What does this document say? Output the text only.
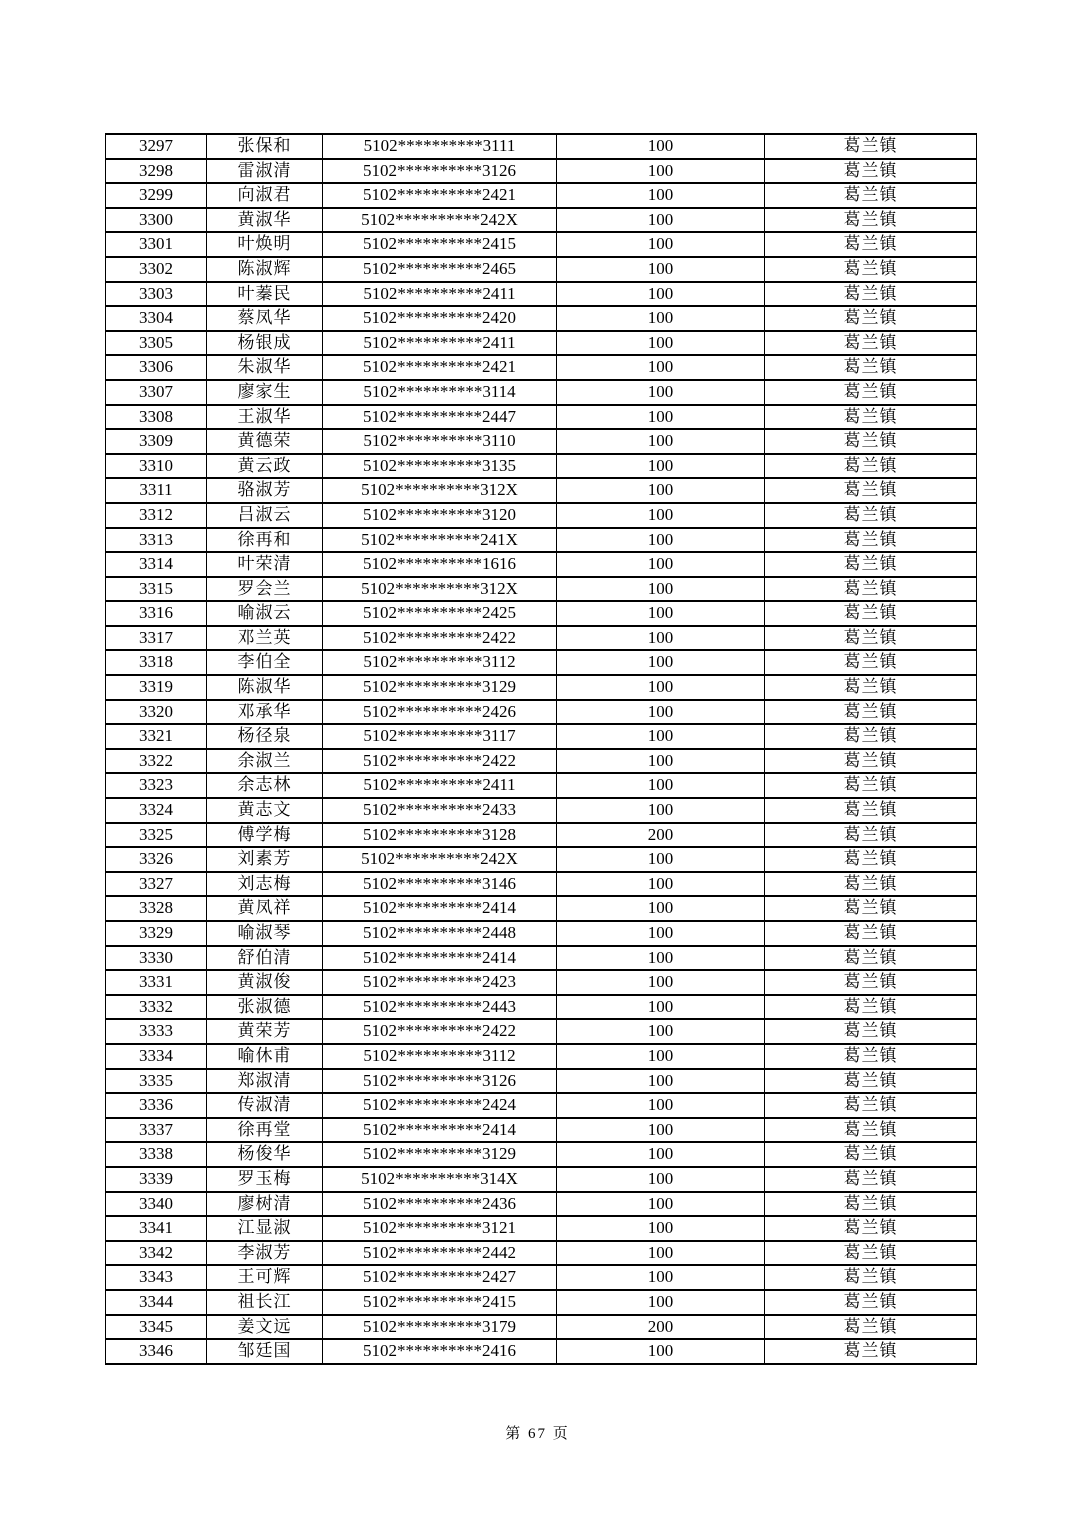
3297	张保和	5102**********3111	100	葛兰镇
3298	雷淑清	5102**********3126	100	葛兰镇
3299	向淑君	5102**********2421	100	葛兰镇
3300	黄淑华	5102**********242X	100	葛兰镇
3301	叶焕明	5102**********2415	100	葛兰镇
3302	陈淑辉	5102**********2465	100	葛兰镇
3303	叶蓁民	5102**********2411	100	葛兰镇
3304	蔡凤华	5102**********2420	100	葛兰镇
3305	杨银成	5102**********2411	100	葛兰镇
3306	朱淑华	5102**********2421	100	葛兰镇
3307	廖家生	5102**********3114	100	葛兰镇
3308	王淑华	5102**********2447	100	葛兰镇
3309	黄德荣	5102**********3110	100	葛兰镇
3310	黄云政	5102**********3135	100	葛兰镇
3311	骆淑芳	5102**********312X	100	葛兰镇
3312	吕淑云	5102**********3120	100	葛兰镇
3313	徐再和	5102**********241X	100	葛兰镇
3314	叶荣清	5102**********1616	100	葛兰镇
3315	罗会兰	5102**********312X	100	葛兰镇
3316	喻淑云	5102**********2425	100	葛兰镇
3317	邓兰英	5102**********2422	100	葛兰镇
3318	李伯全	5102**********3112	100	葛兰镇
3319	陈淑华	5102**********3129	100	葛兰镇
3320	邓承华	5102**********2426	100	葛兰镇
3321	杨径泉	5102**********3117	100	葛兰镇
3322	余淑兰	5102**********2422	100	葛兰镇
3323	余志林	5102**********2411	100	葛兰镇
3324	黄志文	5102**********2433	100	葛兰镇
3325	傅学梅	5102**********3128	200	葛兰镇
3326	刘素芳	5102**********242X	100	葛兰镇
3327	刘志梅	5102**********3146	100	葛兰镇
3328	黄凤祥	5102**********2414	100	葛兰镇
3329	喻淑琴	5102**********2448	100	葛兰镇
3330	舒伯清	5102**********2414	100	葛兰镇
3331	黄淑俊	5102**********2423	100	葛兰镇
3332	张淑德	5102**********2443	100	葛兰镇
3333	黄荣芳	5102**********2422	100	葛兰镇
3334	喻休甫	5102**********3112	100	葛兰镇
3335	郑淑清	5102**********3126	100	葛兰镇
3336	传淑清	5102**********2424	100	葛兰镇
3337	徐再堂	5102**********2414	100	葛兰镇
3338	杨俊华	5102**********3129	100	葛兰镇
3339	罗玉梅	5102**********314X	100	葛兰镇
3340	廖树清	5102**********2436	100	葛兰镇
3341	江显淑	5102**********3121	100	葛兰镇
3342	李淑芳	5102**********2442	100	葛兰镇
3343	王可辉	5102**********2427	100	葛兰镇
3344	祖长江	5102**********2415	100	葛兰镇
3345	姜文远	5102**********3179	200	葛兰镇
3346	邹廷国	5102**********2416	100	葛兰镇
第 67 页
